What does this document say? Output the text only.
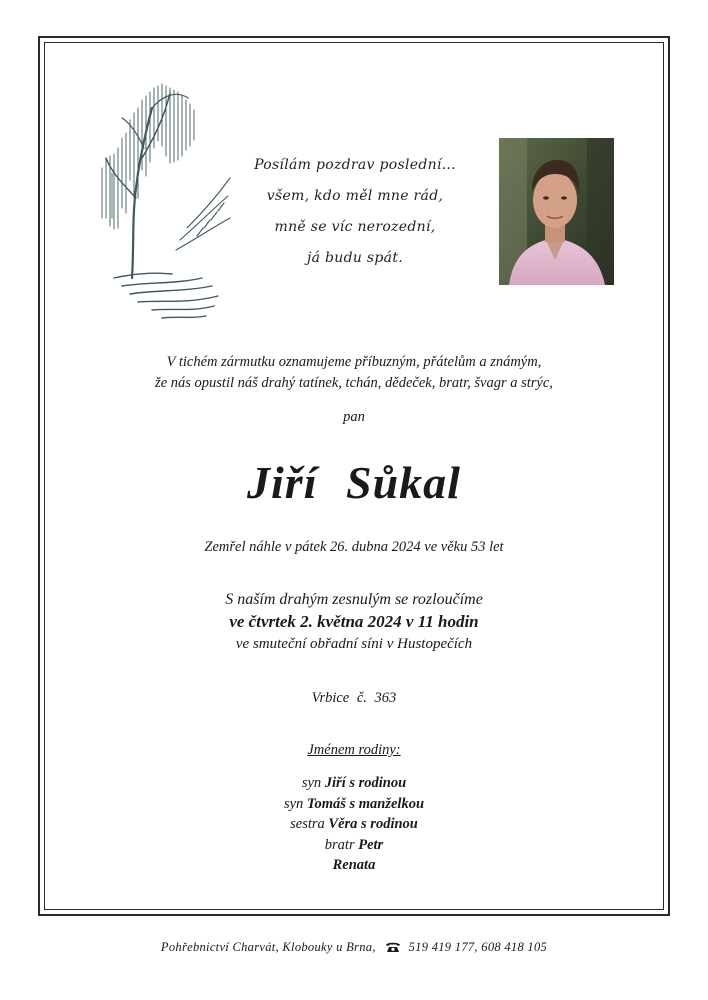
Posílám pozdrav poslední...
všem, kdo měl mne rád,
mně se víc nerozední,
já budu spát.
V tichém zármutku oznamujeme příbuzným, přátelům a známým,
že nás opustil náš drahý tatínek, tchán, dědeček, bratr, švagr a strýc,
pan
Jiří Sůkal
Zemřel náhle v pátek 26. dubna 2024 ve věku 53 let
S naším drahým zesnulým se rozloučíme
ve čtvrtek 2. května 2024 v 11 hodin
ve smuteční obřadní síni v Hustopečích
Vrbice č. 363
Jménem rodiny:
syn Jiří s rodinou
syn Tomáš s manželkou
sestra Věra s rodinou
bratr Petr
Renata
Pohřebnictví Charvát, Klobouky u Brna,	519 419 177, 608 418 105
